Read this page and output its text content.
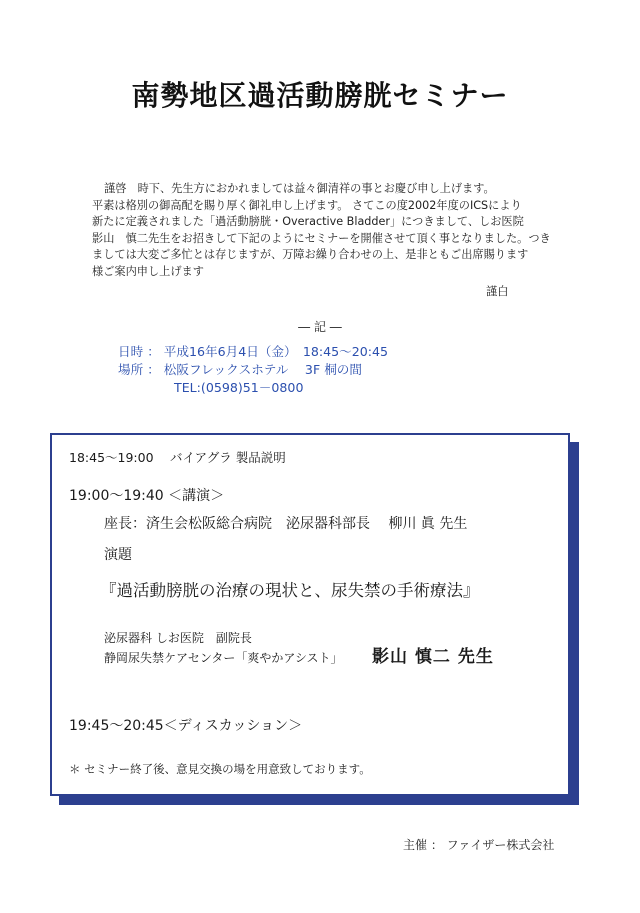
南勢地区過活動膀胱セミナー
謹啓　時下、先生方におかれましては益々御清祥の事とお慶び申し上げます。
平素は格別の御高配を賜り厚く御礼申し上げます。 さてこの度2002年度のICSにより
新たに定義されました「過活動膀胱・Overactive Bladder」につきまして、しお医院
影山　慎二先生をお招きして下記のようにセミナーを開催させて頂く事となりました。つき
ましては大変ご多忙とは存じますが、万障お繰り合わせの上、是非ともご出席賜ります
様ご案内申し上げます
謹白
― 記 ―
日時 ： 平成16年6月4日（金）　18:45～20:45
場所 ： 松阪フレックスホテル　 3F 桐の間
TEL:(0598)51－0800
18:45～19:00　 バイアグラ 製品説明
19:00～19:40 ＜講演＞
座長：済生会松阪総合病院　泌尿器科部長　 柳川 眞 先生
演題
『過活動膀胱の治療の現状と、尿失禁の手術療法』
泌尿器科 しお医院　副院長
静岡尿失禁ケアセンター「爽やかアシスト」 影山 慎二 先生
19:45～20:45＜ディスカッション＞
＊ セミナー終了後、意見交換の場を用意致しております。
主催 ： ファイザー株式会社
